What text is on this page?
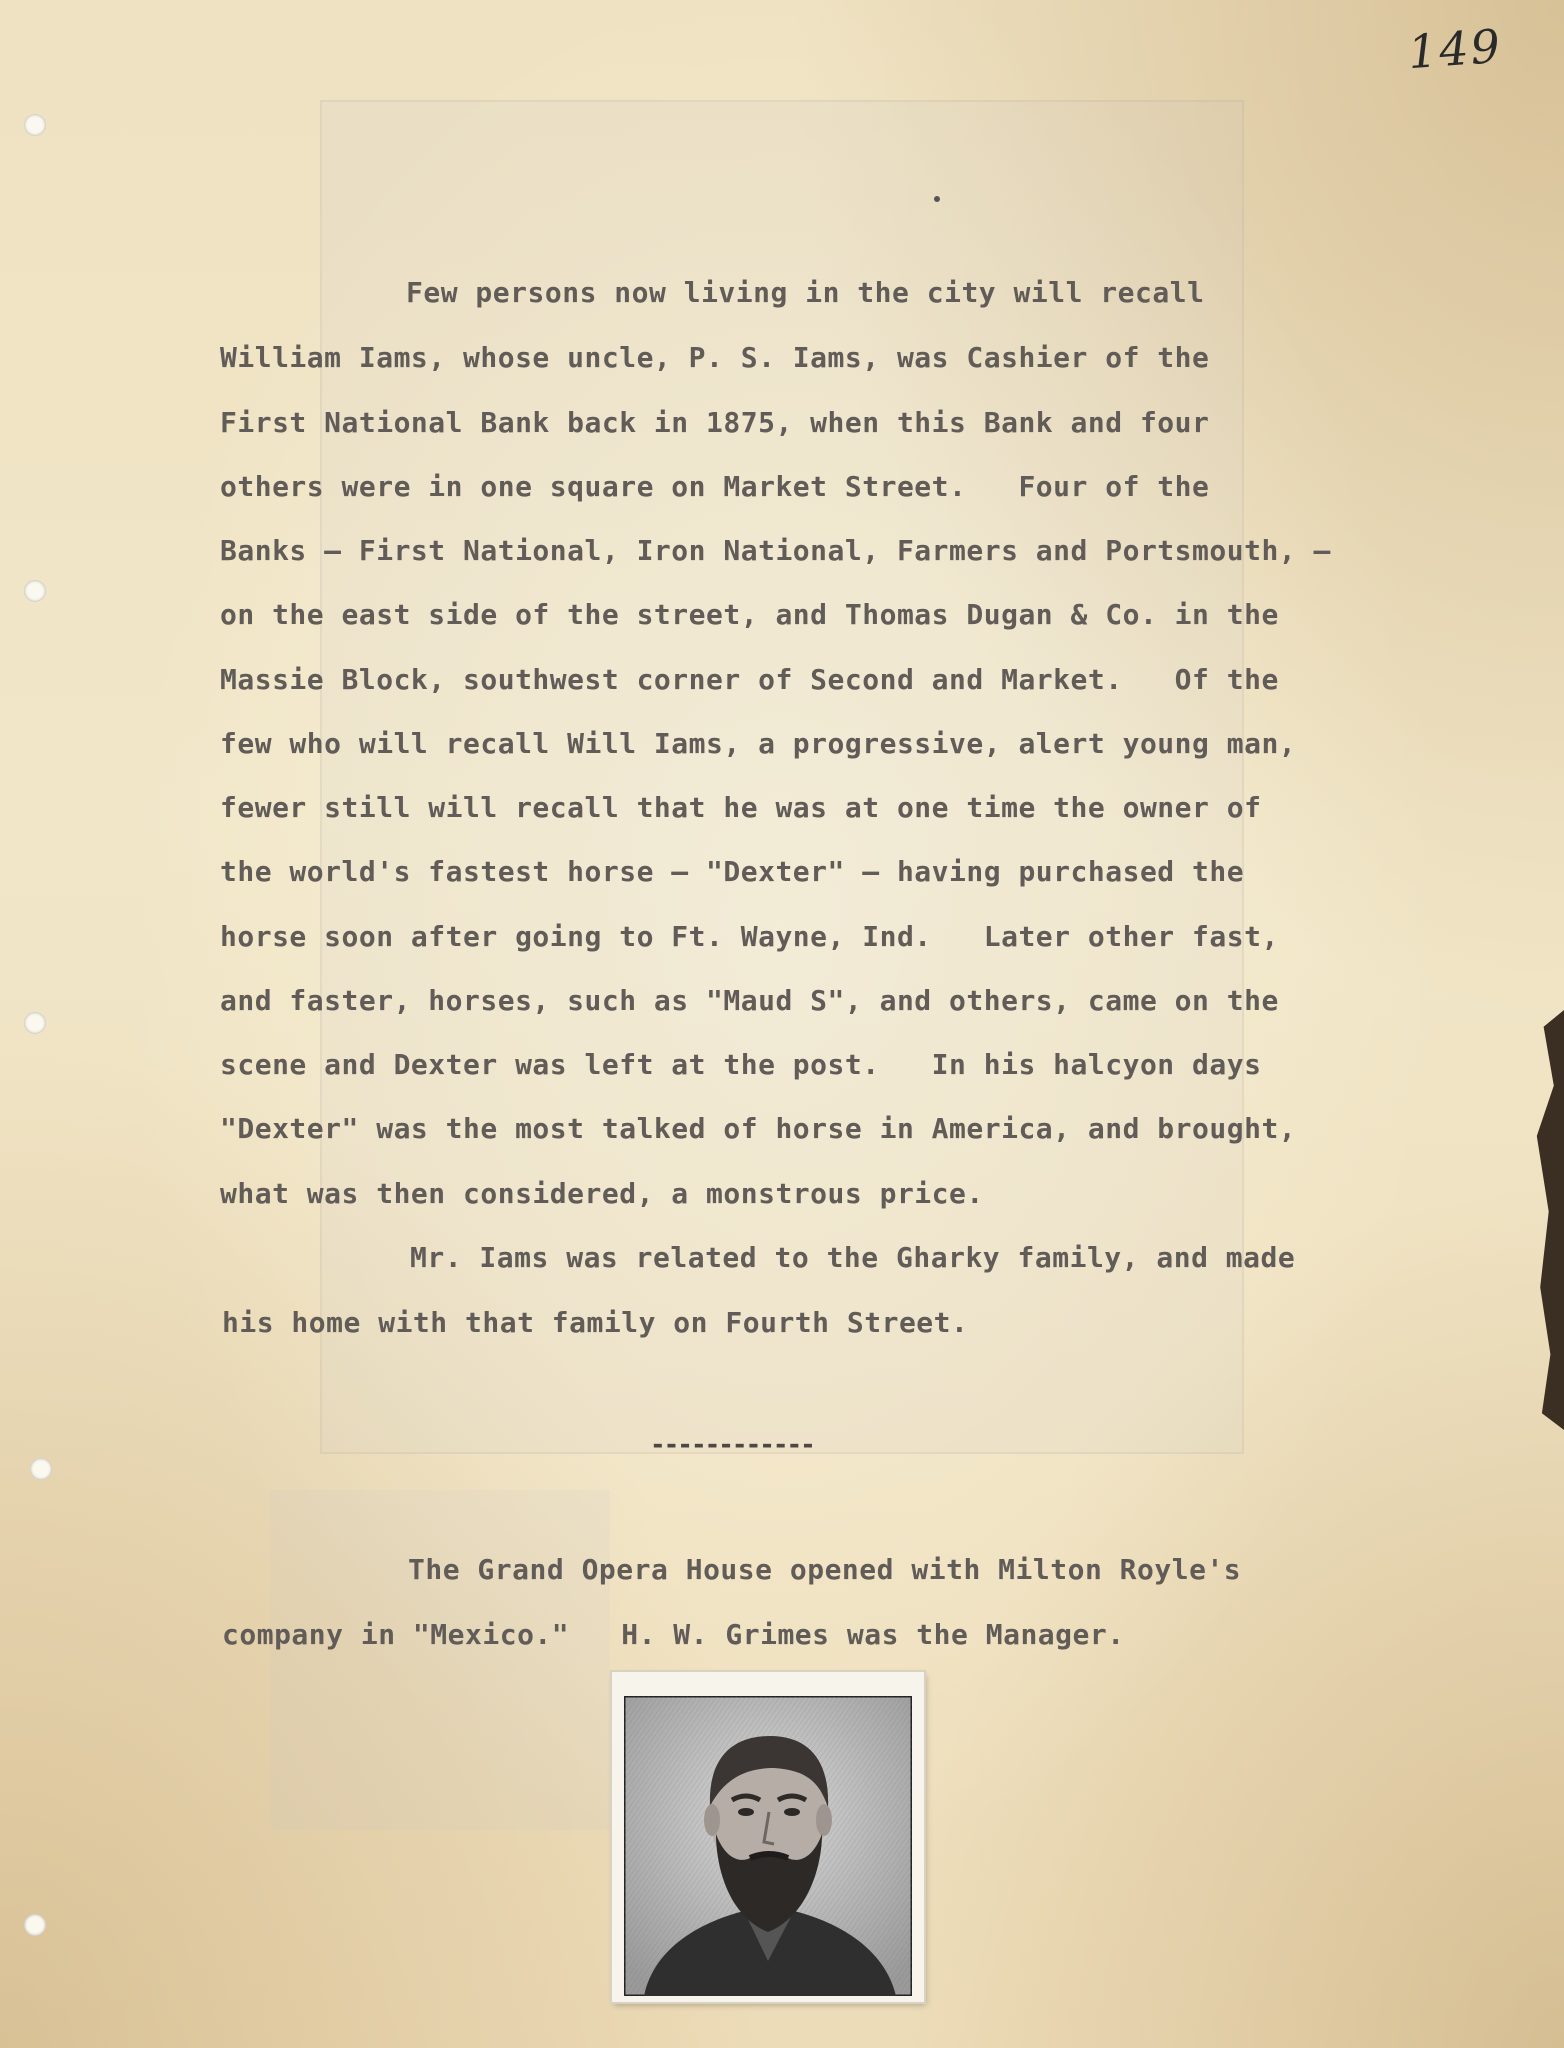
149
Few persons now living in the city will recall
William Iams, whose uncle, P. S. Iams, was Cashier of the
First National Bank back in 1875, when this Bank and four
others were in one square on Market Street.   Four of the
Banks — First National, Iron National, Farmers and Portsmouth, —
on the east side of the street, and Thomas Dugan & Co. in the
Massie Block, southwest corner of Second and Market.   Of the
few who will recall Will Iams, a progressive, alert young man,
fewer still will recall that he was at one time the owner of
the world's fastest horse — "Dexter" — having purchased the
horse soon after going to Ft. Wayne, Ind.   Later other fast,
and faster, horses, such as "Maud S", and others, came on the
scene and Dexter was left at the post.   In his halcyon days
"Dexter" was the most talked of horse in America, and brought,
what was then considered, a monstrous price.
Mr. Iams was related to the Gharky family, and made
his home with that family on Fourth Street.
------------
The Grand Opera House opened with Milton Royle's
company in "Mexico."   H. W. Grimes was the Manager.
